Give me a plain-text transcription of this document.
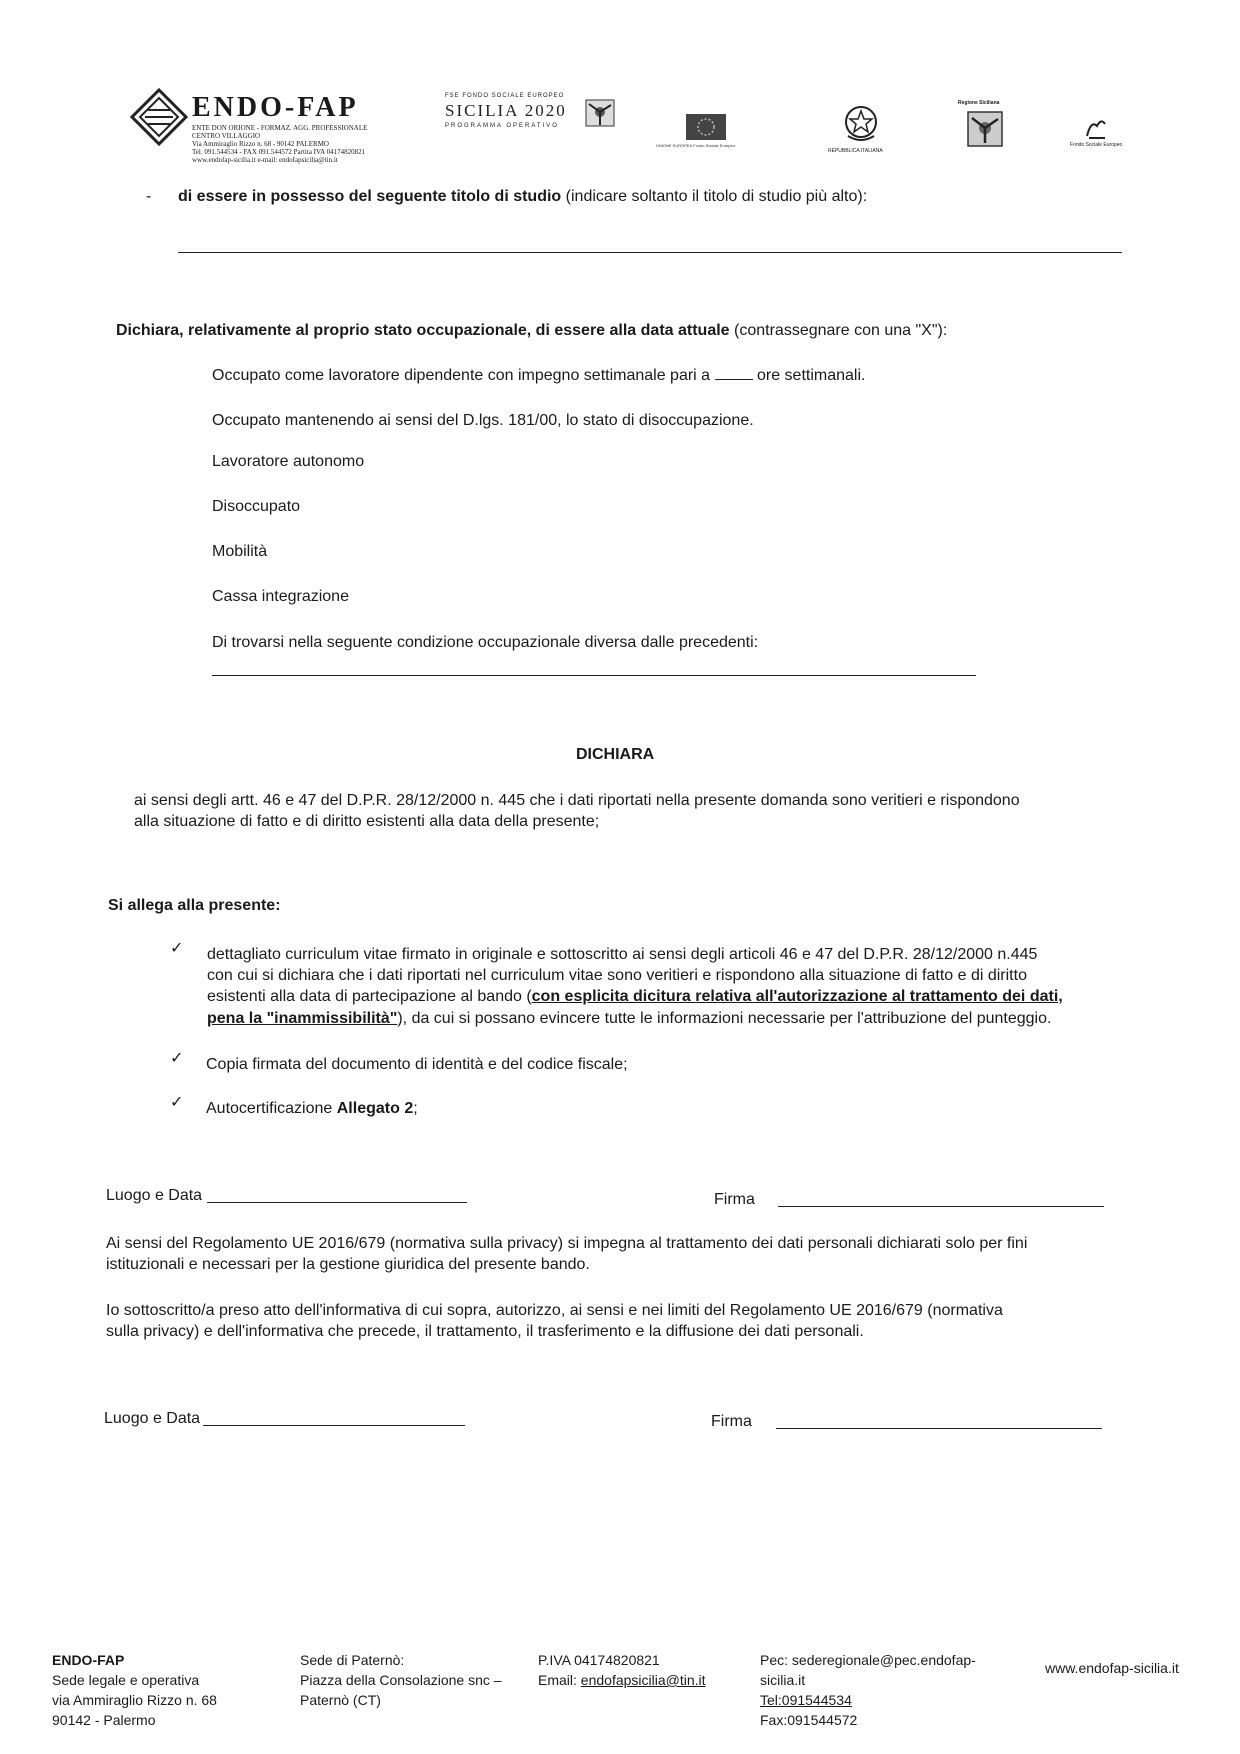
ENDO-FAP
ENTE DON ORIONE - FORMAZ. AGG. PROFESSIONALE
CENTRO VILLAGGIO
Via Ammiraglio Rizzo n. 68 - 90142 PALERMO
Tel. 091.544534 - FAX 091.544572 Partita IVA 04174820821
www.endofap-sicilia.it e-mail: endofapsicilia@tin.it
FSE FONDO SOCIALE EUROPEO
SICILIA 2020
PROGRAMMA OPERATIVO
UNIONE EUROPEA Fondo Sociale Europeo
REPUBBLICA ITALIANA
Regione Siciliana
Fondo Sociale Europeo
- di essere in possesso del seguente titolo di studio (indicare soltanto il titolo di studio più alto):
Dichiara, relativamente al proprio stato occupazionale, di essere alla data attuale (contrassegnare con una "X"):
Occupato come lavoratore dipendente con impegno settimanale pari a	ore settimanali.
Occupato mantenendo ai sensi del D.lgs. 181/00, lo stato di disoccupazione.
Lavoratore autonomo
Disoccupato
Mobilità
Cassa integrazione
Di trovarsi nella seguente condizione occupazionale diversa dalle precedenti:
DICHIARA
ai sensi degli artt. 46 e 47 del D.P.R. 28/12/2000 n. 445 che i dati riportati nella presente domanda sono veritieri e rispondono
alla situazione di fatto e di diritto esistenti alla data della presente;
Si allega alla presente:
✓ dettagliato curriculum vitae firmato in originale e sottoscritto ai sensi degli articoli 46 e 47 del D.P.R. 28/12/2000 n.445
con cui si dichiara che i dati riportati nel curriculum vitae sono veritieri e rispondono alla situazione di fatto e di diritto
esistenti alla data di partecipazione al bando (con esplicita dicitura relativa all'autorizzazione al trattamento dei dati,
pena la "inammissibilità"), da cui si possano evincere tutte le informazioni necessarie per l'attribuzione del punteggio.
✓ Copia firmata del documento di identità e del codice fiscale;
✓ Autocertificazione Allegato 2;
Luogo e Data	Firma
Ai sensi del Regolamento UE 2016/679 (normativa sulla privacy) si impegna al trattamento dei dati personali dichiarati solo per fini
istituzionali e necessari per la gestione giuridica del presente bando.
Io sottoscritto/a preso atto dell'informativa di cui sopra, autorizzo, ai sensi e nei limiti del Regolamento UE 2016/679 (normativa
sulla privacy) e dell'informativa che precede, il trattamento, il trasferimento e la diffusione dei dati personali.
Luogo e Data	Firma
ENDO-FAP
Sede legale e operativa
via Ammiraglio Rizzo n. 68
90142 - Palermo
Sede di Paternò:
Piazza della Consolazione snc –
Paternò (CT)
P.IVA 04174820821
Email: endofapsicilia@tin.it
Pec: sederegionale@pec.endofap-
sicilia.it
Tel:091544534
Fax:091544572
www.endofap-sicilia.it
